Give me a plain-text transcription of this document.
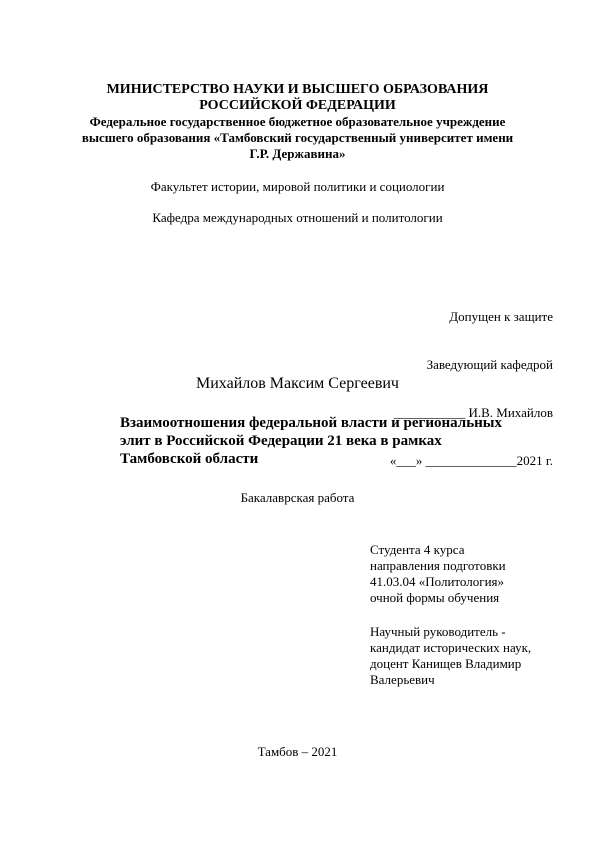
МИНИСТЕРСТВО НАУКИ И ВЫСШЕГО ОБРАЗОВАНИЯ
РОССИЙСКОЙ ФЕДЕРАЦИИ
Федеральное государственное бюджетное образовательное учреждение
высшего образования «Тамбовский государственный университет имени
Г.Р. Державина»
Факультет истории, мировой политики и социологии
Кафедра международных отношений и политологии

Допущен к защите

Заведующий кафедрой

___________ И.В. Михайлов

«___» ______________2021 г.

Михайлов Максим Сергеевич
Взаимоотношения федеральной власти и региональных
элит в Российской Федерации 21 века в рамках
Тамбовской области
Бакалаврская работа
Студента 4 курса
направления подготовки
41.03.04 «Политология»
очной формы обучения
Научный руководитель -
кандидат исторических наук,
доцент Канищев Владимир
Валерьевич
Тамбов – 2021
